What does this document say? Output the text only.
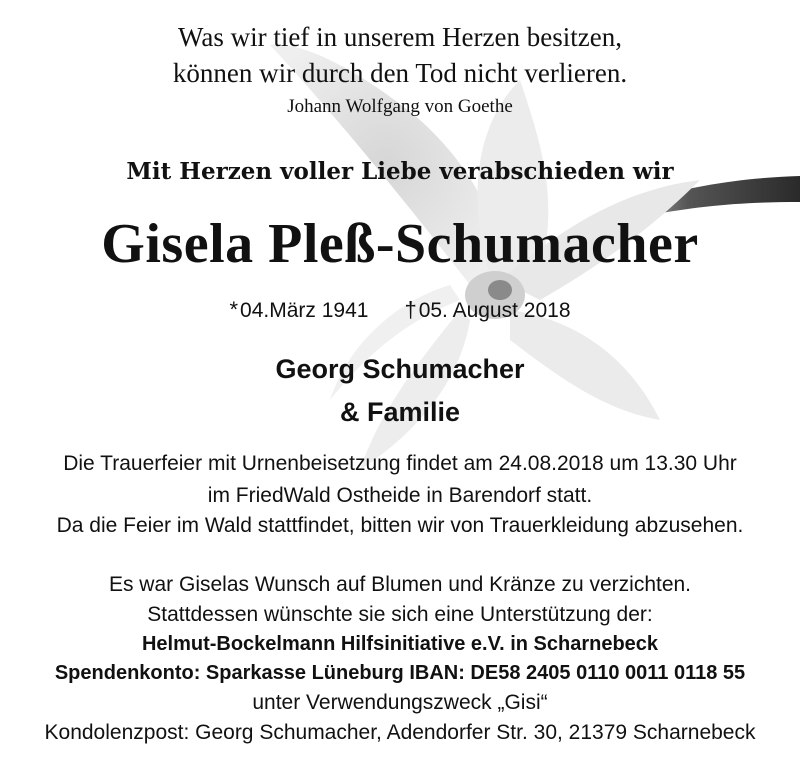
Was wir tief in unserem Herzen besitzen,
können wir durch den Tod nicht verlieren.
Johann Wolfgang von Goethe
Mit Herzen voller Liebe verabschieden wir
Gisela Pleß-Schumacher
*04.März 1941 †05. August 2018
Georg Schumacher
& Familie
Die Trauerfeier mit Urnenbeisetzung findet am 24.08.2018 um 13.30 Uhr
im FriedWald Ostheide in Barendorf statt.
Da die Feier im Wald stattfindet, bitten wir von Trauerkleidung abzusehen.
Es war Giselas Wunsch auf Blumen und Kränze zu verzichten.
Stattdessen wünschte sie sich eine Unterstützung der:
Helmut-Bockelmann Hilfsinitiative e.V. in Scharnebeck
Spendenkonto: Sparkasse Lüneburg IBAN: DE58 2405 0110 0011 0118 55
unter Verwendungszweck „Gisi“
Kondolenzpost: Georg Schumacher, Adendorfer Str. 30, 21379 Scharnebeck
